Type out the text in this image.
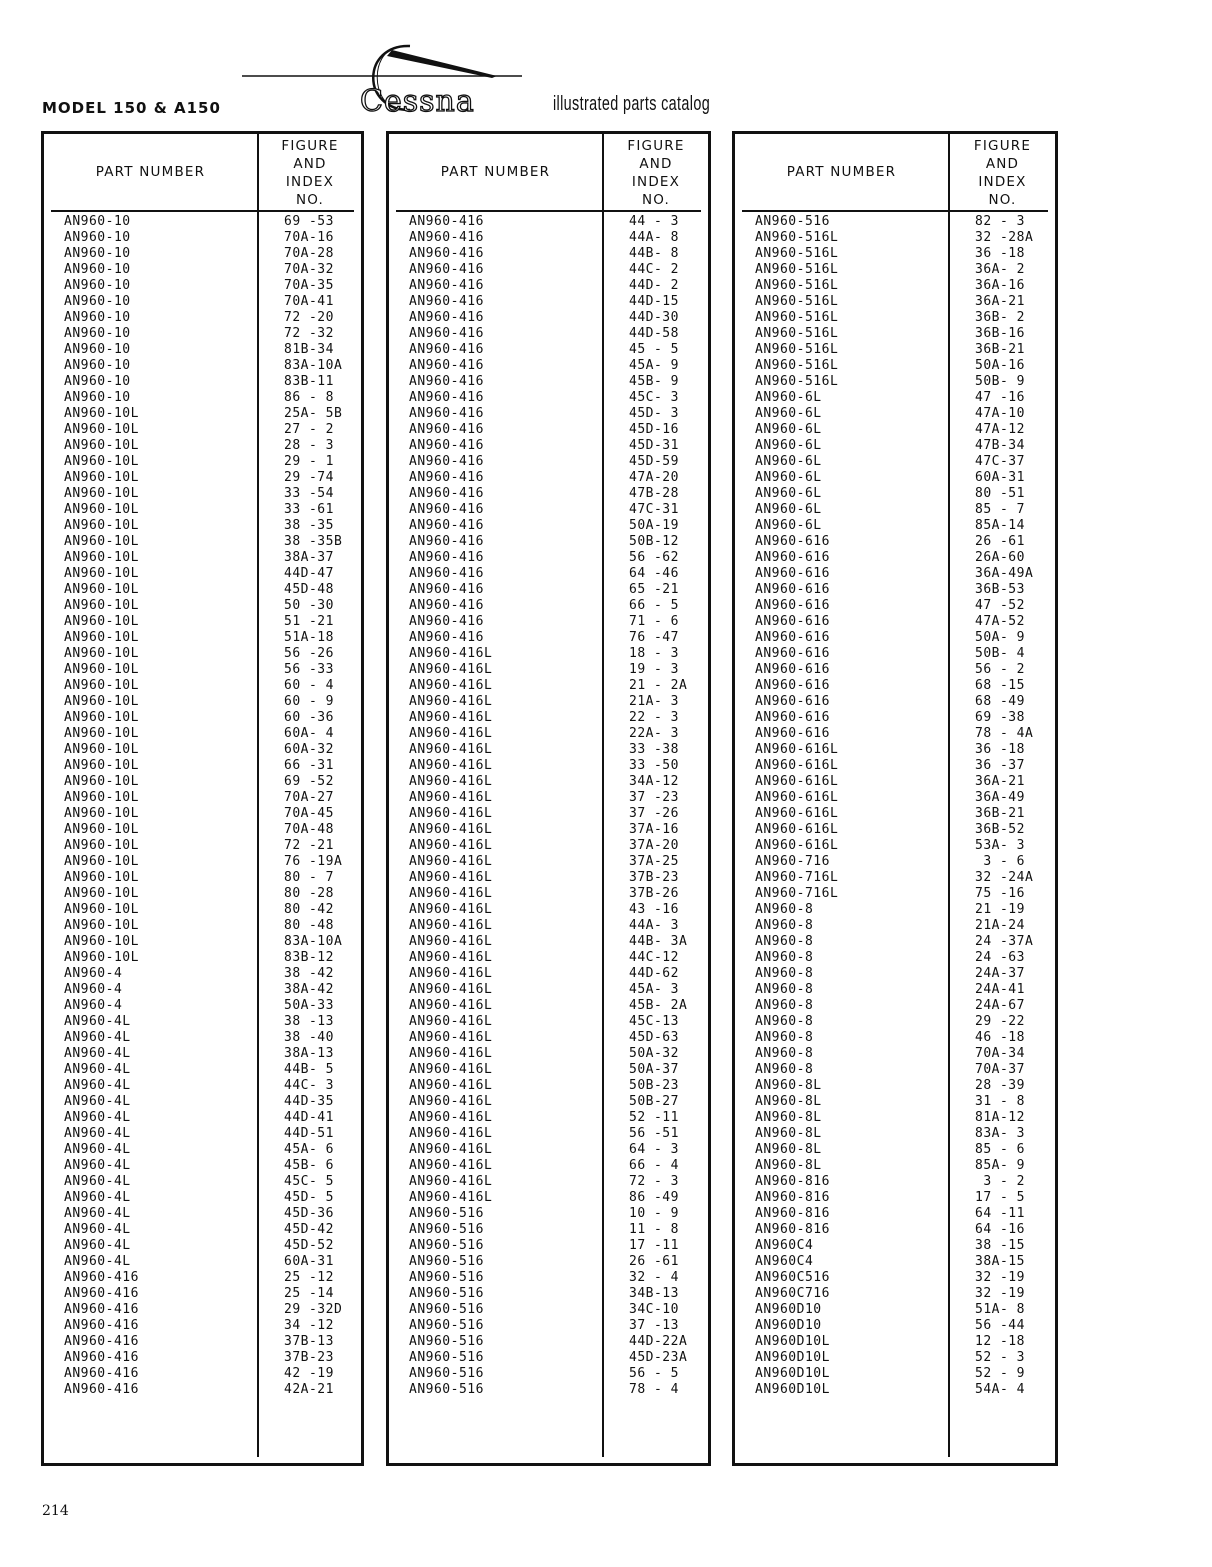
MODEL 150 & A150	Cessna	illustrated parts catalog
PART NUMBER
FIGURE
AND
INDEX
NO.
AN960-10	69 -53
AN960-10	70A-16
AN960-10	70A-28
AN960-10	70A-32
AN960-10	70A-35
AN960-10	70A-41
AN960-10	72 -20
AN960-10	72 -32
AN960-10	81B-34
AN960-10	83A-10A
AN960-10	83B-11
AN960-10	86 - 8
AN960-10L	25A- 5B
AN960-10L	27 - 2
AN960-10L	28 - 3
AN960-10L	29 - 1
AN960-10L	29 -74
AN960-10L	33 -54
AN960-10L	33 -61
AN960-10L	38 -35
AN960-10L	38 -35B
AN960-10L	38A-37
AN960-10L	44D-47
AN960-10L	45D-48
AN960-10L	50 -30
AN960-10L	51 -21
AN960-10L	51A-18
AN960-10L	56 -26
AN960-10L	56 -33
AN960-10L	60 - 4
AN960-10L	60 - 9
AN960-10L	60 -36
AN960-10L	60A- 4
AN960-10L	60A-32
AN960-10L	66 -31
AN960-10L	69 -52
AN960-10L	70A-27
AN960-10L	70A-45
AN960-10L	70A-48
AN960-10L	72 -21
AN960-10L	76 -19A
AN960-10L	80 - 7
AN960-10L	80 -28
AN960-10L	80 -42
AN960-10L	80 -48
AN960-10L	83A-10A
AN960-10L	83B-12
AN960-4	38 -42
AN960-4	38A-42
AN960-4	50A-33
AN960-4L	38 -13
AN960-4L	38 -40
AN960-4L	38A-13
AN960-4L	44B- 5
AN960-4L	44C- 3
AN960-4L	44D-35
AN960-4L	44D-41
AN960-4L	44D-51
AN960-4L	45A- 6
AN960-4L	45B- 6
AN960-4L	45C- 5
AN960-4L	45D- 5
AN960-4L	45D-36
AN960-4L	45D-42
AN960-4L	45D-52
AN960-4L	60A-31
AN960-416	25 -12
AN960-416	25 -14
AN960-416	29 -32D
AN960-416	34 -12
AN960-416	37B-13
AN960-416	37B-23
AN960-416	42 -19
AN960-416	42A-21
PART NUMBER
FIGURE
AND
INDEX
NO.
AN960-416	44 - 3
AN960-416	44A- 8
AN960-416	44B- 8
AN960-416	44C- 2
AN960-416	44D- 2
AN960-416	44D-15
AN960-416	44D-30
AN960-416	44D-58
AN960-416	45 - 5
AN960-416	45A- 9
AN960-416	45B- 9
AN960-416	45C- 3
AN960-416	45D- 3
AN960-416	45D-16
AN960-416	45D-31
AN960-416	45D-59
AN960-416	47A-20
AN960-416	47B-28
AN960-416	47C-31
AN960-416	50A-19
AN960-416	50B-12
AN960-416	56 -62
AN960-416	64 -46
AN960-416	65 -21
AN960-416	66 - 5
AN960-416	71 - 6
AN960-416	76 -47
AN960-416L	18 - 3
AN960-416L	19 - 3
AN960-416L	21 - 2A
AN960-416L	21A- 3
AN960-416L	22 - 3
AN960-416L	22A- 3
AN960-416L	33 -38
AN960-416L	33 -50
AN960-416L	34A-12
AN960-416L	37 -23
AN960-416L	37 -26
AN960-416L	37A-16
AN960-416L	37A-20
AN960-416L	37A-25
AN960-416L	37B-23
AN960-416L	37B-26
AN960-416L	43 -16
AN960-416L	44A- 3
AN960-416L	44B- 3A
AN960-416L	44C-12
AN960-416L	44D-62
AN960-416L	45A- 3
AN960-416L	45B- 2A
AN960-416L	45C-13
AN960-416L	45D-63
AN960-416L	50A-32
AN960-416L	50A-37
AN960-416L	50B-23
AN960-416L	50B-27
AN960-416L	52 -11
AN960-416L	56 -51
AN960-416L	64 - 3
AN960-416L	66 - 4
AN960-416L	72 - 3
AN960-416L	86 -49
AN960-516	10 - 9
AN960-516	11 - 8
AN960-516	17 -11
AN960-516	26 -61
AN960-516	32 - 4
AN960-516	34B-13
AN960-516	34C-10
AN960-516	37 -13
AN960-516	44D-22A
AN960-516	45D-23A
AN960-516	56 - 5
AN960-516	78 - 4
PART NUMBER
FIGURE
AND
INDEX
NO.
AN960-516	82 - 3
AN960-516L	32 -28A
AN960-516L	36 -18
AN960-516L	36A- 2
AN960-516L	36A-16
AN960-516L	36A-21
AN960-516L	36B- 2
AN960-516L	36B-16
AN960-516L	36B-21
AN960-516L	50A-16
AN960-516L	50B- 9
AN960-6L	47 -16
AN960-6L	47A-10
AN960-6L	47A-12
AN960-6L	47B-34
AN960-6L	47C-37
AN960-6L	60A-31
AN960-6L	80 -51
AN960-6L	85 - 7
AN960-6L	85A-14
AN960-616	26 -61
AN960-616	26A-60
AN960-616	36A-49A
AN960-616	36B-53
AN960-616	47 -52
AN960-616	47A-52
AN960-616	50A- 9
AN960-616	50B- 4
AN960-616	56 - 2
AN960-616	68 -15
AN960-616	68 -49
AN960-616	69 -38
AN960-616	78 - 4A
AN960-616L	36 -18
AN960-616L	36 -37
AN960-616L	36A-21
AN960-616L	36A-49
AN960-616L	36B-21
AN960-616L	36B-52
AN960-616L	53A- 3
AN960-716	3 - 6
AN960-716L	32 -24A
AN960-716L	75 -16
AN960-8	21 -19
AN960-8	21A-24
AN960-8	24 -37A
AN960-8	24 -63
AN960-8	24A-37
AN960-8	24A-41
AN960-8	24A-67
AN960-8	29 -22
AN960-8	46 -18
AN960-8	70A-34
AN960-8	70A-37
AN960-8L	28 -39
AN960-8L	31 - 8
AN960-8L	81A-12
AN960-8L	83A- 3
AN960-8L	85 - 6
AN960-8L	85A- 9
AN960-816	3 - 2
AN960-816	17 - 5
AN960-816	64 -11
AN960-816	64 -16
AN960C4	38 -15
AN960C4	38A-15
AN960C516	32 -19
AN960C716	32 -19
AN960D10	51A- 8
AN960D10	56 -44
AN960D10L	12 -18
AN960D10L	52 - 3
AN960D10L	52 - 9
AN960D10L	54A- 4
214
